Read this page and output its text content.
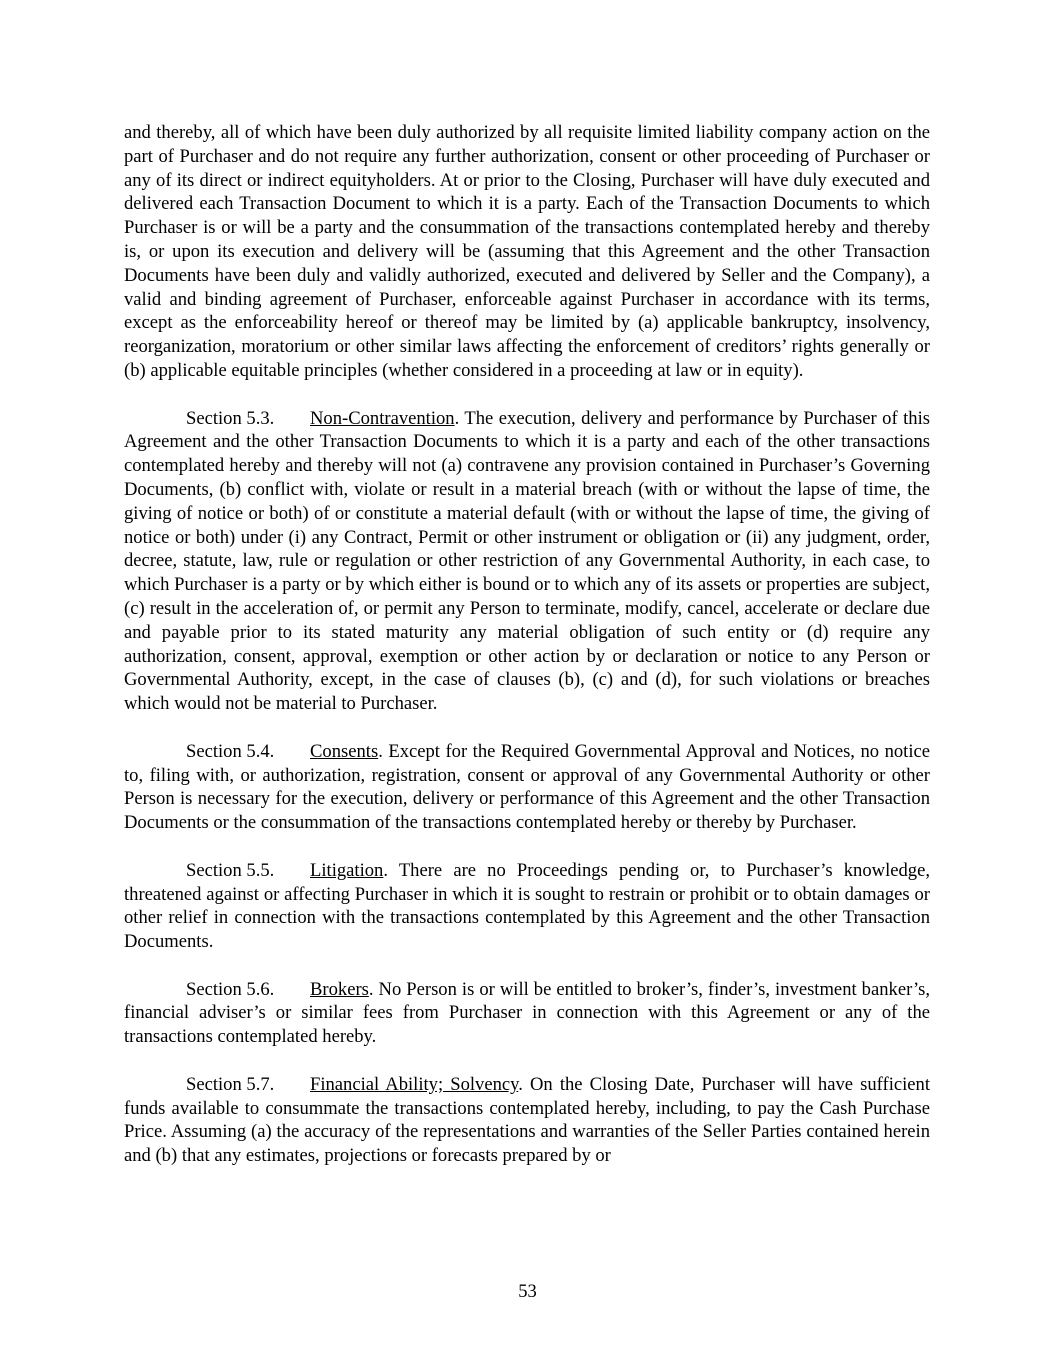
and thereby, all of which have been duly authorized by all requisite limited liability company action on the part of Purchaser and do not require any further authorization, consent or other proceeding of Purchaser or any of its direct or indirect equityholders. At or prior to the Closing, Purchaser will have duly executed and delivered each Transaction Document to which it is a party. Each of the Transaction Documents to which Purchaser is or will be a party and the consummation of the transactions contemplated hereby and thereby is, or upon its execution and delivery will be (assuming that this Agreement and the other Transaction Documents have been duly and validly authorized, executed and delivered by Seller and the Company), a valid and binding agreement of Purchaser, enforceable against Purchaser in accordance with its terms, except as the enforceability hereof or thereof may be limited by (a) applicable bankruptcy, insolvency, reorganization, moratorium or other similar laws affecting the enforcement of creditors’ rights generally or (b) applicable equitable principles (whether considered in a proceeding at law or in equity).

Section 5.3. Non-Contravention. The execution, delivery and performance by Purchaser of this Agreement and the other Transaction Documents to which it is a party and each of the other transactions contemplated hereby and thereby will not (a) contravene any provision contained in Purchaser’s Governing Documents, (b) conflict with, violate or result in a material breach (with or without the lapse of time, the giving of notice or both) of or constitute a material default (with or without the lapse of time, the giving of notice or both) under (i) any Contract, Permit or other instrument or obligation or (ii) any judgment, order, decree, statute, law, rule or regulation or other restriction of any Governmental Authority, in each case, to which Purchaser is a party or by which either is bound or to which any of its assets or properties are subject, (c) result in the acceleration of, or permit any Person to terminate, modify, cancel, accelerate or declare due and payable prior to its stated maturity any material obligation of such entity or (d) require any authorization, consent, approval, exemption or other action by or declaration or notice to any Person or Governmental Authority, except, in the case of clauses (b), (c) and (d), for such violations or breaches which would not be material to Purchaser.

Section 5.4. Consents. Except for the Required Governmental Approval and Notices, no notice to, filing with, or authorization, registration, consent or approval of any Governmental Authority or other Person is necessary for the execution, delivery or performance of this Agreement and the other Transaction Documents or the consummation of the transactions contemplated hereby or thereby by Purchaser.

Section 5.5. Litigation. There are no Proceedings pending or, to Purchaser’s knowledge, threatened against or affecting Purchaser in which it is sought to restrain or prohibit or to obtain damages or other relief in connection with the transactions contemplated by this Agreement and the other Transaction Documents.

Section 5.6. Brokers. No Person is or will be entitled to broker’s, finder’s, investment banker’s, financial adviser’s or similar fees from Purchaser in connection with this Agreement or any of the transactions contemplated hereby.

Section 5.7. Financial Ability; Solvency. On the Closing Date, Purchaser will have sufficient funds available to consummate the transactions contemplated hereby, including, to pay the Cash Purchase Price. Assuming (a) the accuracy of the representations and warranties of the Seller Parties contained herein and (b) that any estimates, projections or forecasts prepared by or

53
